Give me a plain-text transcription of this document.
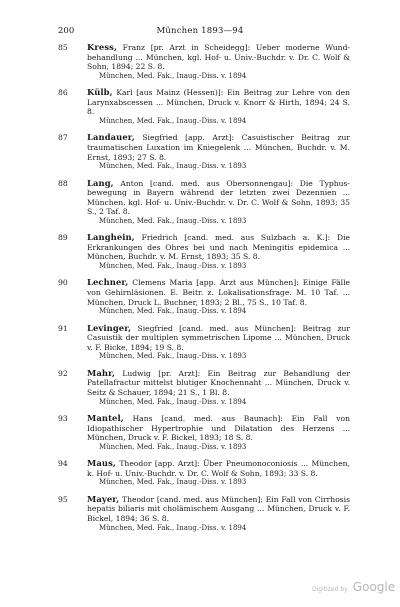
200	München 1893—94
85 Kress, Franz [pr. Arzt in Scheidegg]: Ueber moderne Wund-behandlung ... München, kgl. Hof- u. Univ.-Buchdr. v. Dr. C. Wolf & Sohn, 1894; 22 S. 8.
München, Med. Fak., Inaug.-Diss. v. 1894
86 Külb, Karl [aus Mainz (Hessen)]: Ein Beitrag zur Lehre von den Larynxabscessen ... München, Druck v. Knorr & Hirth, 1894; 24 S. 8.
München, Med. Fak., Inaug.-Diss. v. 1894
87 Landauer, Siegfried [app. Arzt]: Casuistischer Beitrag zur traumatischen Luxation im Kniegelenk ... München, Buchdr. v. M. Ernst, 1893; 27 S. 8.
München, Med. Fak., Inaug.-Diss. v. 1893
88 Lang, Anton [cand. med. aus Obersonnengau]: Die Typhus-bewegung in Bayern während der letzten zwei Dezennien ... München, kgl. Hof- u. Univ.-Buchdr. v. Dr. C. Wolf & Sohn, 1893; 35 S., 2 Taf. 8.
München, Med. Fak., Inaug.-Diss. v. 1893
89 Langhein, Friedrich [cand. med. aus Sulzbach a. K.]: Die Erkrankungen des Ohres bei und nach Meningitis epidemica ... München, Buchdr. v. M. Ernst, 1893; 35 S. 8.
München, Med. Fak., Inaug.-Diss. v. 1893
90 Lechner, Clemens Maria [app. Arzt aus München]: Einige Fälle von Gehirnläsionen. E. Beitr. z. Lokalisationsfrage. M. 10 Taf. ... München, Druck L. Buchner, 1893; 2 Bl., 75 S., 10 Taf. 8.
München, Med. Fak., Inaug.-Diss. v. 1894
91 Levinger, Siegfried [cand. med. aus München]: Beitrag zur Casuistik der multiplen symmetrischen Lipome ... München, Druck v. F. Bicke, 1894; 19 S. 8.
München, Med. Fak., Inaug.-Diss. v. 1893
92 Mahr, Ludwig [pr. Arzt]: Ein Beitrag zur Behandlung der Patellafractur mittelst blutiger Knochennaht ... München, Druck v. Seitz & Schauer, 1894; 21 S., 1 Bl. 8.
München, Med. Fak., Inaug.-Diss. v. 1894
93 Mantel, Hans [cand. med. aus Baunach]: Ein Fall von Idiopathischer Hypertrophie und Dilatation des Herzens ... München, Druck v. F. Bickel, 1893; 18 S. 8.
München, Med. Fak., Inaug.-Diss. v. 1893
94 Maus, Theodor [app. Arzt]: Über Pneumonoconiosis ... München, k. Hof- u. Univ.-Buchdr. v. Dr. C. Wolf & Sohn, 1893; 33 S. 8.
München, Med. Fak., Inaug.-Diss. v. 1893
95 Mayer, Theodor [cand. med. aus München]: Ein Fall von Cirrhosis hepatis biliaris mit cholämischem Ausgang ... München, Druck v. F. Bickel, 1894; 36 S. 8.
München, Med. Fak., Inaug.-Diss. v. 1894
Digitized by Google
